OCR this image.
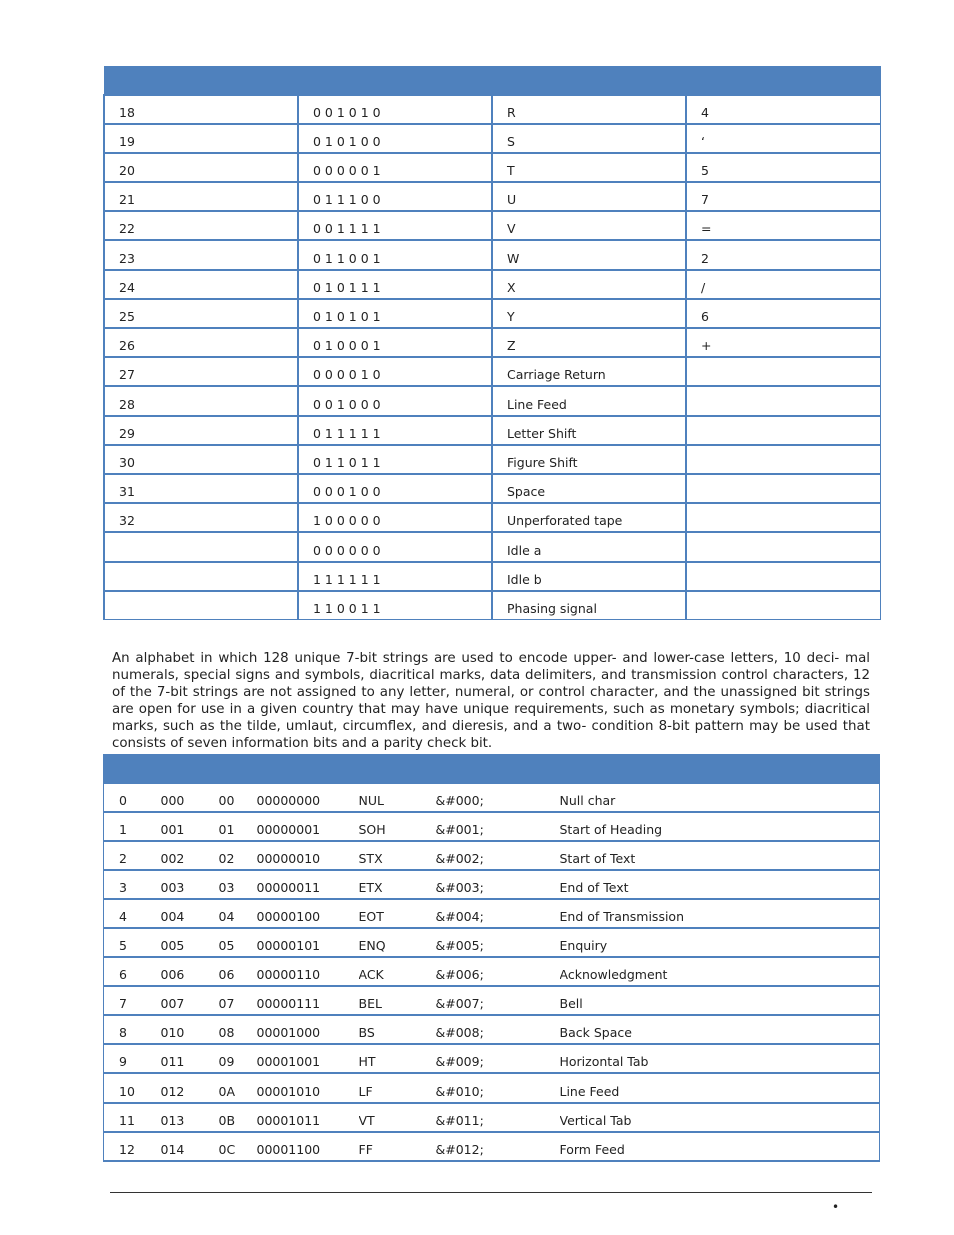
18	0 0 1 0 1 0	R	4
19	0 1 0 1 0 0	S	‘
20	0 0 0 0 0 1	T	5
21	0 1 1 1 0 0	U	7
22	0 0 1 1 1 1	V	=
23	0 1 1 0 0 1	W	2
24	0 1 0 1 1 1	X	/
25	0 1 0 1 0 1	Y	6
26	0 1 0 0 0 1	Z	+
27	0 0 0 0 1 0	Carriage Return	
28	0 0 1 0 0 0	Line Feed	
29	0 1 1 1 1 1	Letter Shift	
30	0 1 1 0 1 1	Figure Shift	
31	0 0 0 1 0 0	Space	
32	1 0 0 0 0 0	Unperforated tape	
	0 0 0 0 0 0	Idle a	
	1 1 1 1 1 1	Idle b	
	1 1 0 0 1 1	Phasing signal	

An alphabet in which 128 unique 7-bit strings are used to encode upper- and lower-case letters, 10 deci- mal numerals, special signs and symbols, diacritical marks, data delimiters, and transmission control characters, 12 of the 7-bit strings are not assigned to any letter, numeral, or control character, and the unassigned bit strings are open for use in a given country that may have unique requirements, such as monetary symbols; diacritical marks, such as the tilde, umlaut, circumflex, and dieresis, and a two- condition 8-bit pattern may be used that consists of seven information bits and a parity check bit.

0	000	00	00000000	NUL	&#000;	Null char
1	001	01	00000001	SOH	&#001;	Start of Heading
2	002	02	00000010	STX	&#002;	Start of Text
3	003	03	00000011	ETX	&#003;	End of Text
4	004	04	00000100	EOT	&#004;	End of Transmission
5	005	05	00000101	ENQ	&#005;	Enquiry
6	006	06	00000110	ACK	&#006;	Acknowledgment
7	007	07	00000111	BEL	&#007;	Bell
8	010	08	00001000	BS	&#008;	Back Space
9	011	09	00001001	HT	&#009;	Horizontal Tab
10	012	0A	00001010	LF	&#010;	Line Feed
11	013	0B	00001011	VT	&#011;	Vertical Tab
12	014	0C	00001100	FF	&#012;	Form Feed
•
